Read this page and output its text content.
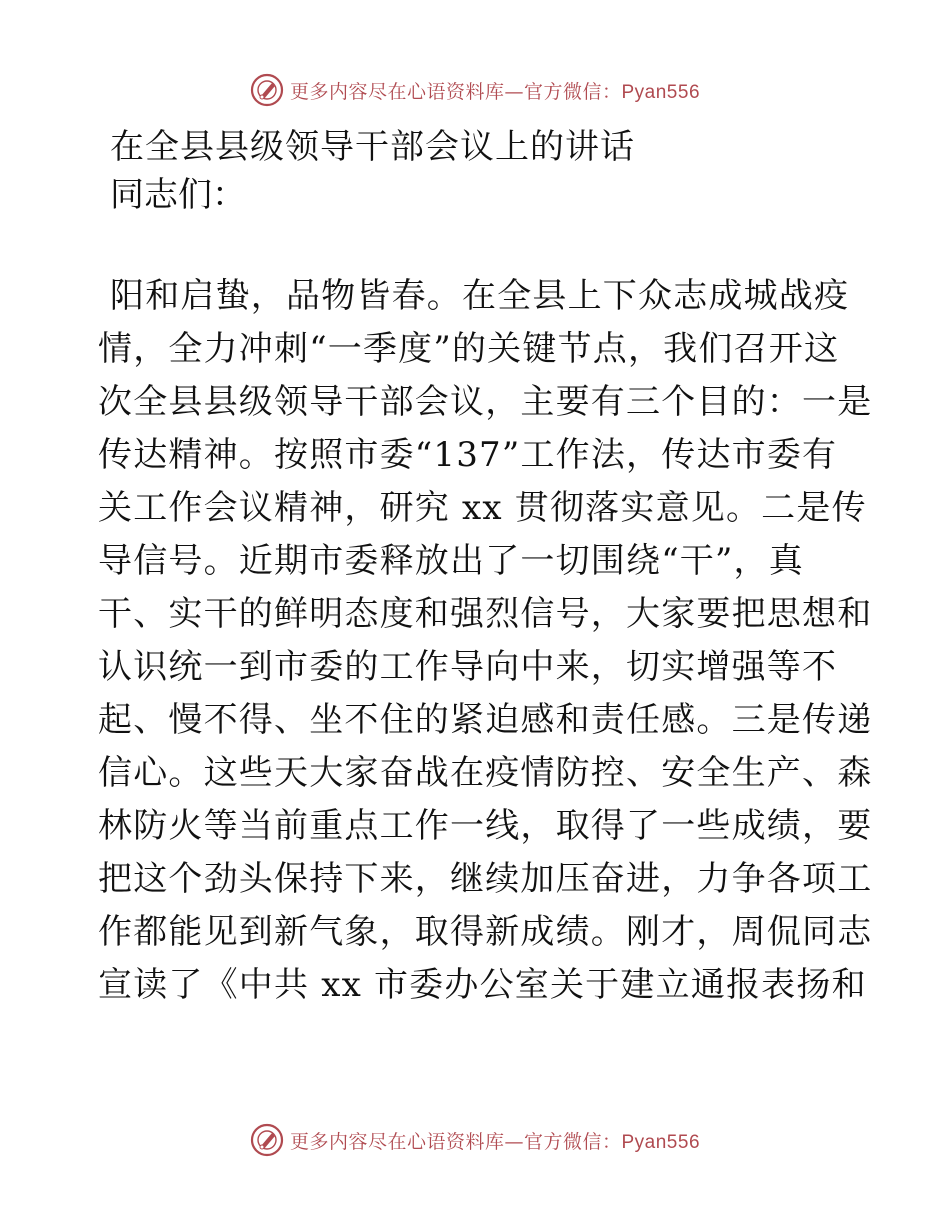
更多内容尽在心语资料库—官方微信：Pyan556
在全县县级领导干部会议上的讲话

同志们：

阳和启蛰，品物皆春。在全县上下众志成城战疫
情，全力冲刺“一季度”的关键节点，我们召开这
次全县县级领导干部会议，主要有三个目的：一是
传达精神。按照市委“137”工作法，传达市委有
关工作会议精神，研究 xx 贯彻落实意见。二是传
导信号。近期市委释放出了一切围绕“干”，真
干、实干的鲜明态度和强烈信号，大家要把思想和
认识统一到市委的工作导向中来，切实增强等不
起、慢不得、坐不住的紧迫感和责任感。三是传递
信心。这些天大家奋战在疫情防控、安全生产、森
林防火等当前重点工作一线，取得了一些成绩，要
把这个劲头保持下来，继续加压奋进，力争各项工
作都能见到新气象，取得新成绩。刚才，周侃同志
宣读了《中共 xx 市委办公室关于建立通报表扬和
更多内容尽在心语资料库—官方微信：Pyan556
